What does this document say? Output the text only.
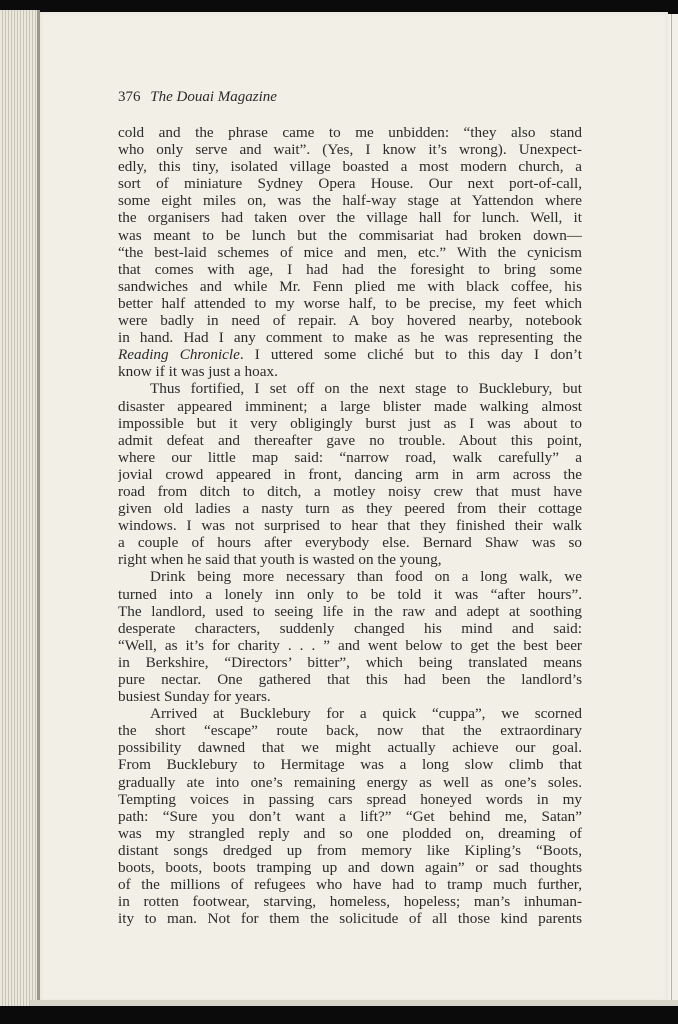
376 The Douai Magazine
cold and the phrase came to me unbidden: “they also stand
who only serve and wait”. (Yes, I know it’s wrong). Unexpect-
edly, this tiny, isolated village boasted a most modern church, a
sort of miniature Sydney Opera House. Our next port-of-call,
some eight miles on, was the half-way stage at Yattendon where
the organisers had taken over the village hall for lunch. Well, it
was meant to be lunch but the commisariat had broken down—
“the best-laid schemes of mice and men, etc.” With the cynicism
that comes with age, I had had the foresight to bring some
sandwiches and while Mr. Fenn plied me with black coffee, his
better half attended to my worse half, to be precise, my feet which
were badly in need of repair. A boy hovered nearby, notebook
in hand. Had I any comment to make as he was representing the
Reading Chronicle. I uttered some cliché but to this day I don’t
know if it was just a hoax.
Thus fortified, I set off on the next stage to Bucklebury, but
disaster appeared imminent; a large blister made walking almost
impossible but it very obligingly burst just as I was about to
admit defeat and thereafter gave no trouble. About this point,
where our little map said: “narrow road, walk carefully” a
jovial crowd appeared in front, dancing arm in arm across the
road from ditch to ditch, a motley noisy crew that must have
given old ladies a nasty turn as they peered from their cottage
windows. I was not surprised to hear that they finished their walk
a couple of hours after everybody else. Bernard Shaw was so
right when he said that youth is wasted on the young,
Drink being more necessary than food on a long walk, we
turned into a lonely inn only to be told it was “after hours”.
The landlord, used to seeing life in the raw and adept at soothing
desperate characters, suddenly changed his mind and said:
“Well, as it’s for charity . . . ” and went below to get the best beer
in Berkshire, “Directors’ bitter”, which being translated means
pure nectar. One gathered that this had been the landlord’s
busiest Sunday for years.
Arrived at Bucklebury for a quick “cuppa”, we scorned
the short “escape” route back, now that the extraordinary
possibility dawned that we might actually achieve our goal.
From Bucklebury to Hermitage was a long slow climb that
gradually ate into one’s remaining energy as well as one’s soles.
Tempting voices in passing cars spread honeyed words in my
path: “Sure you don’t want a lift?” “Get behind me, Satan”
was my strangled reply and so one plodded on, dreaming of
distant songs dredged up from memory like Kipling’s “Boots,
boots, boots, boots tramping up and down again” or sad thoughts
of the millions of refugees who have had to tramp much further,
in rotten footwear, starving, homeless, hopeless; man’s inhuman-
ity to man. Not for them the solicitude of all those kind parents
